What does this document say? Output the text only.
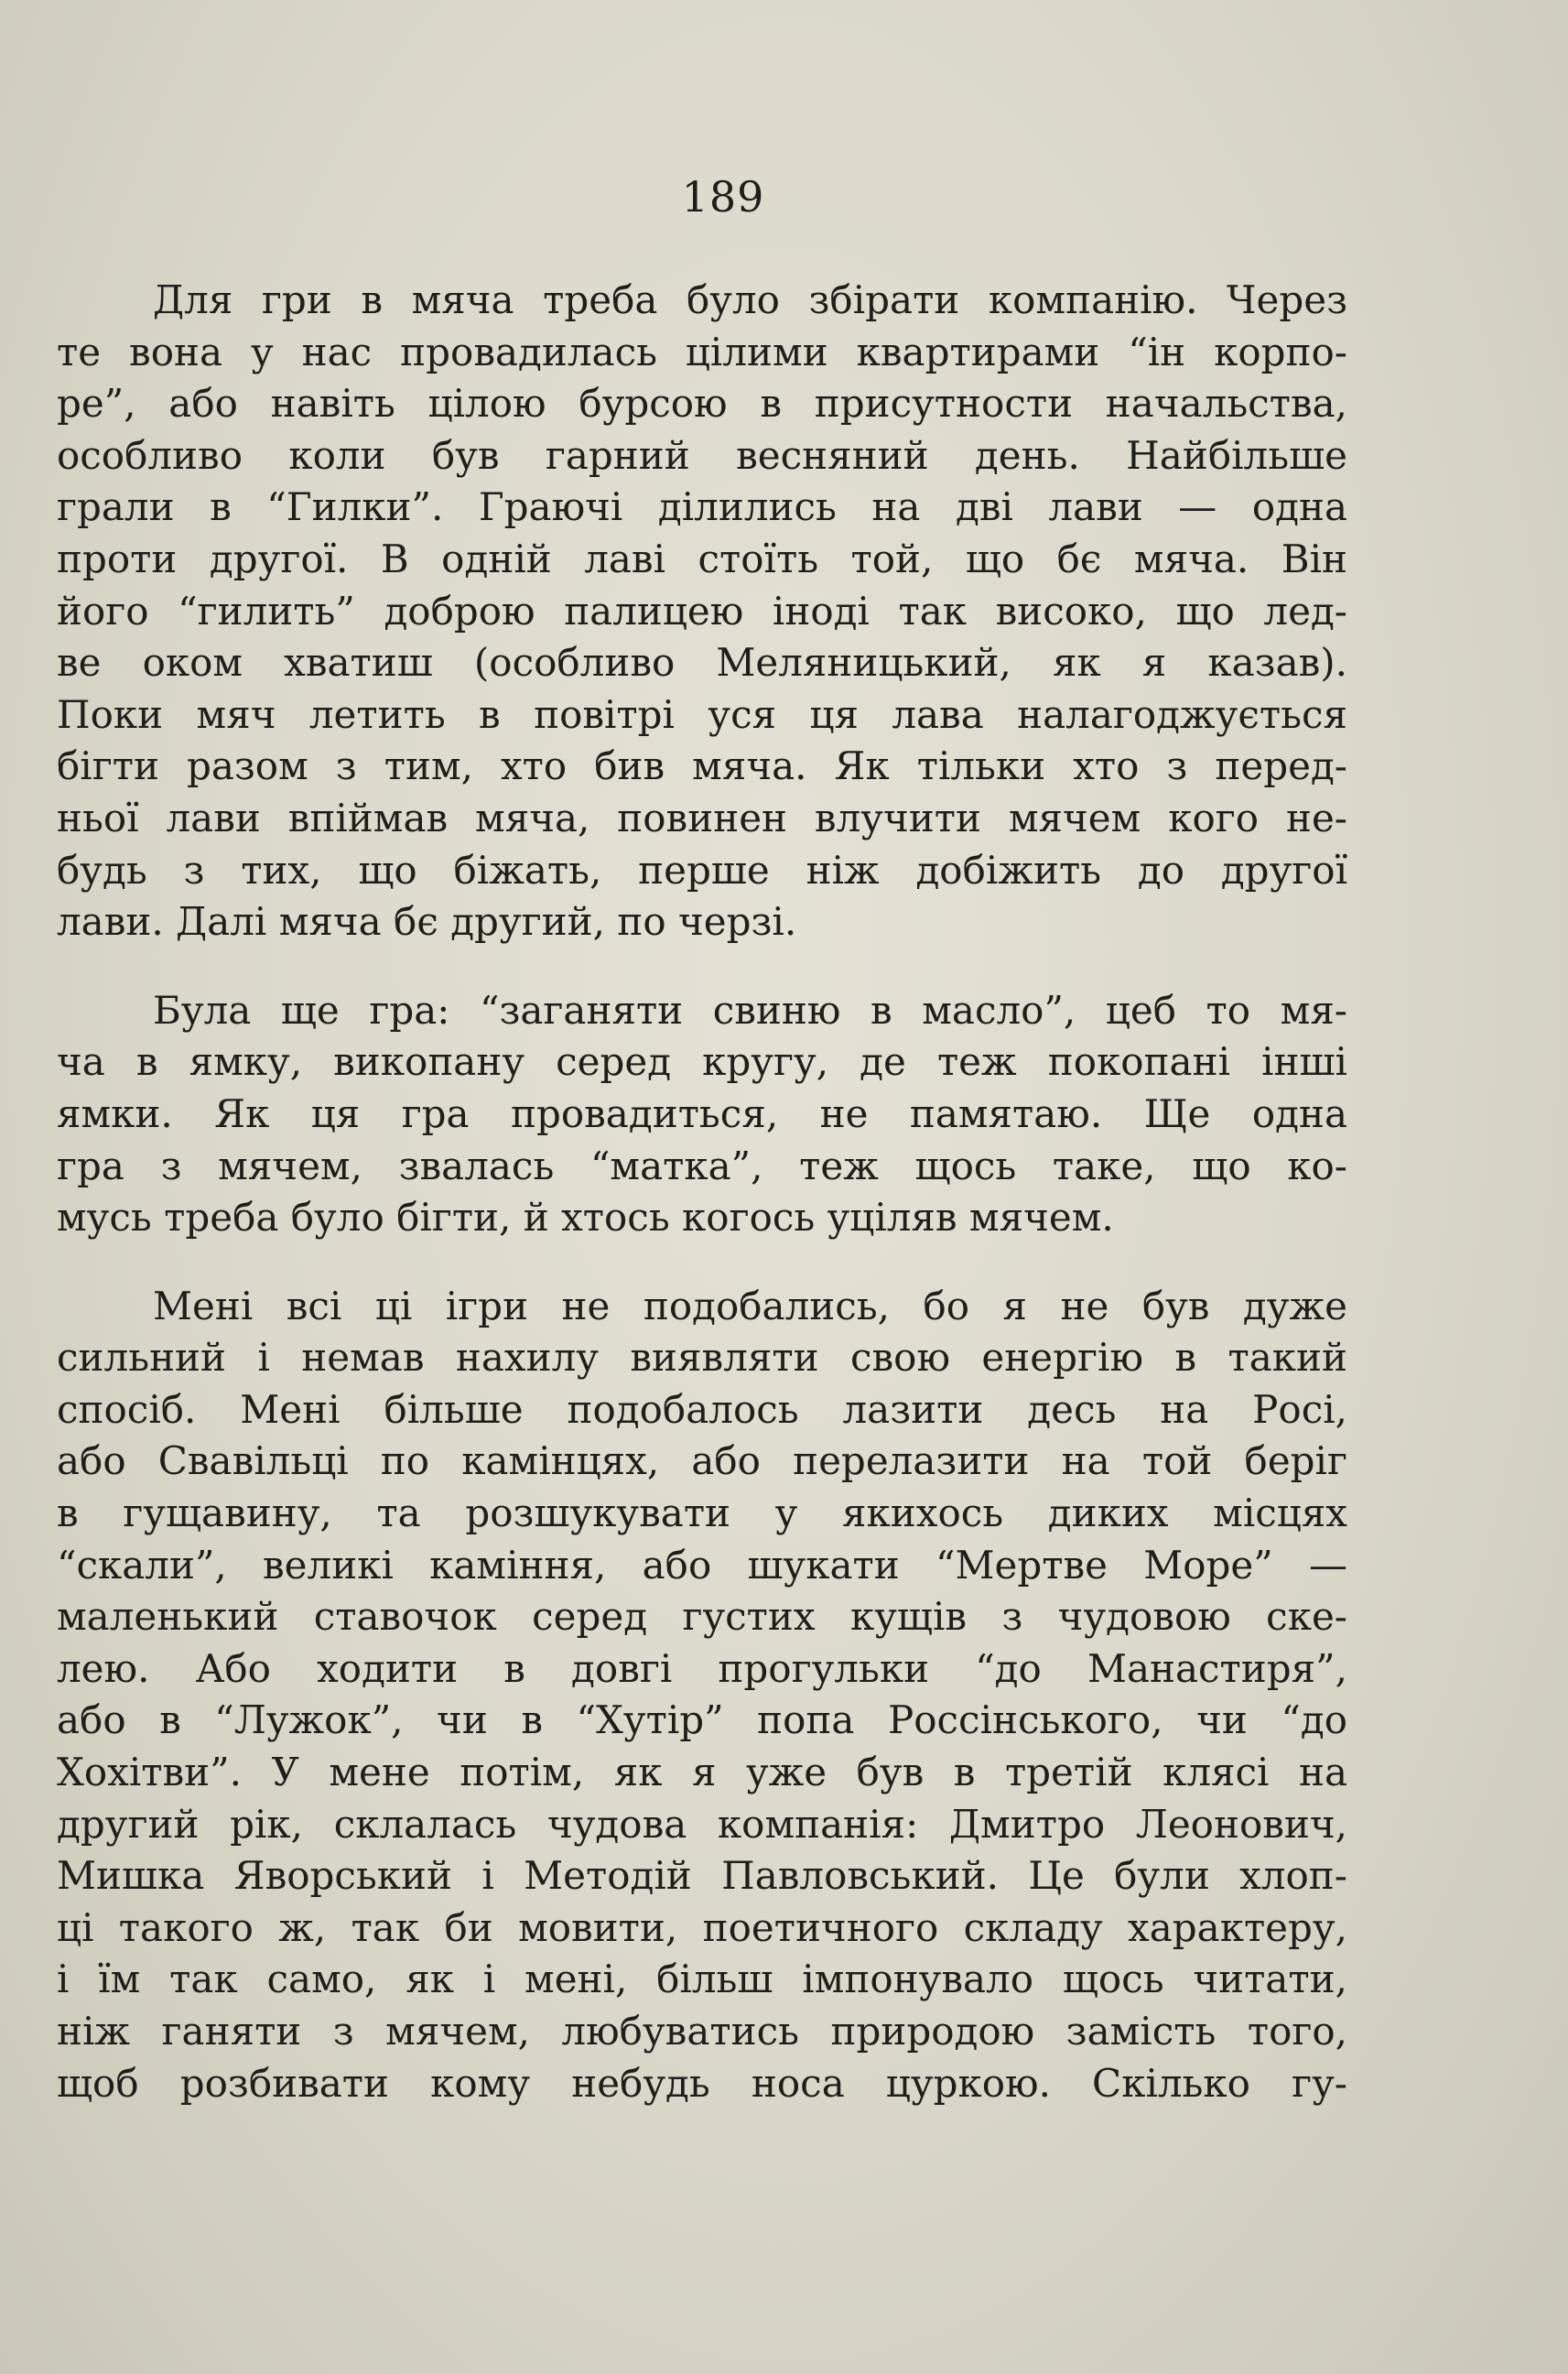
189
Для гри в мяча треба було збірати компанію. Через
те вона у нас провадилась цілими квартирами “ін корпо-
ре”, або навіть цілою бурсою в присутности начальства,
особливо коли був гарний весняний день. Найбільше
грали в “Гилки”. Граючі ділились на дві лави — одна
проти другої. В одній лаві стоїть той, що бє мяча. Він
його “гилить” доброю палицею іноді так високо, що лед-
ве оком хватиш (особливо Меляницький, як я казав).
Поки мяч летить в повітрі уся ця лава налагоджується
бігти разом з тим, хто бив мяча. Як тільки хто з перед-
ньої лави впіймав мяча, повинен влучити мячем кого не-
будь з тих, що біжать, перше ніж добіжить до другої
лави. Далі мяча бє другий, по черзі.
Була ще гра: “заганяти свиню в масло”, цеб то мя-
ча в ямку, викопану серед кругу, де теж покопані інші
ямки. Як ця гра провадиться, не памятаю. Ще одна
гра з мячем, звалась “матка”, теж щось таке, що ко-
мусь треба було бігти, й хтось когось уціляв мячем.
Мені всі ці ігри не подобались, бо я не був дуже
сильний і немав нахилу виявляти свою енергію в такий
спосіб. Мені більше подобалось лазити десь на Росі,
або Свавільці по камінцях, або перелазити на той беріг
в гущавину, та розшукувати у якихось диких місцях
“скали”, великі каміння, або шукати “Мертве Море” —
маленький ставочок серед густих кущів з чудовою ске-
лею. Або ходити в довгі прогульки “до Манастиря”,
або в “Лужок”, чи в “Хутір” попа Россінського, чи “до
Хохітви”. У мене потім, як я уже був в третій клясі на
другий рік, склалась чудова компанія: Дмитро Леонович,
Мишка Яворський і Методій Павловський. Це були хлоп-
ці такого ж, так би мовити, поетичного складу характеру,
і їм так само, як і мені, більш імпонувало щось читати,
ніж ганяти з мячем, любуватись природою замість того,
щоб розбивати кому небудь носа цуркою. Скілько гу-
